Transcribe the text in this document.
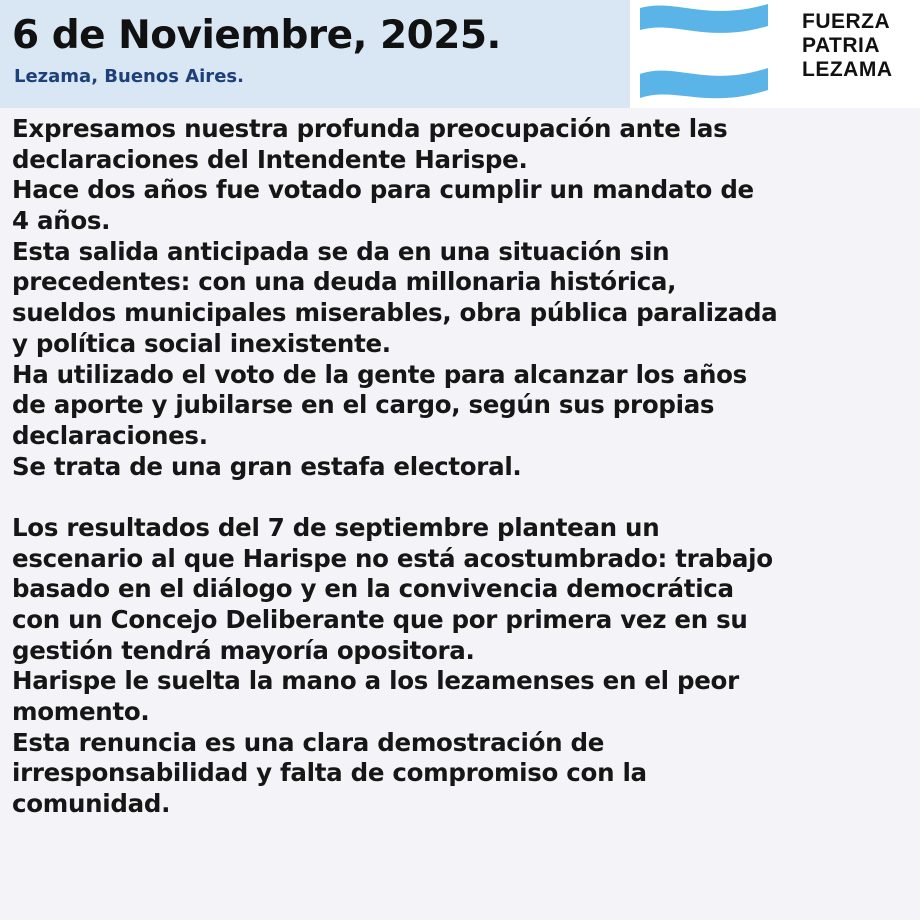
6 de Noviembre, 2025.

Lezama, Buenos Aires.

FUERZA
PATRIA
LEZAMA
Expresamos nuestra profunda preocupación ante las
declaraciones del Intendente Harispe.
Hace dos años fue votado para cumplir un mandato de
4 años.
Esta salida anticipada se da en una situación sin
precedentes: con una deuda millonaria histórica,
sueldos municipales miserables, obra pública paralizada
y política social inexistente.
Ha utilizado el voto de la gente para alcanzar los años
de aporte y jubilarse en el cargo, según sus propias
declaraciones.
Se trata de una gran estafa electoral.
Los resultados del 7 de septiembre plantean un
escenario al que Harispe no está acostumbrado: trabajo
basado en el diálogo y en la convivencia democrática
con un Concejo Deliberante que por primera vez en su
gestión tendrá mayoría opositora.
Harispe le suelta la mano a los lezamenses en el peor
momento.
Esta renuncia es una clara demostración de
irresponsabilidad y falta de compromiso con la
comunidad.
